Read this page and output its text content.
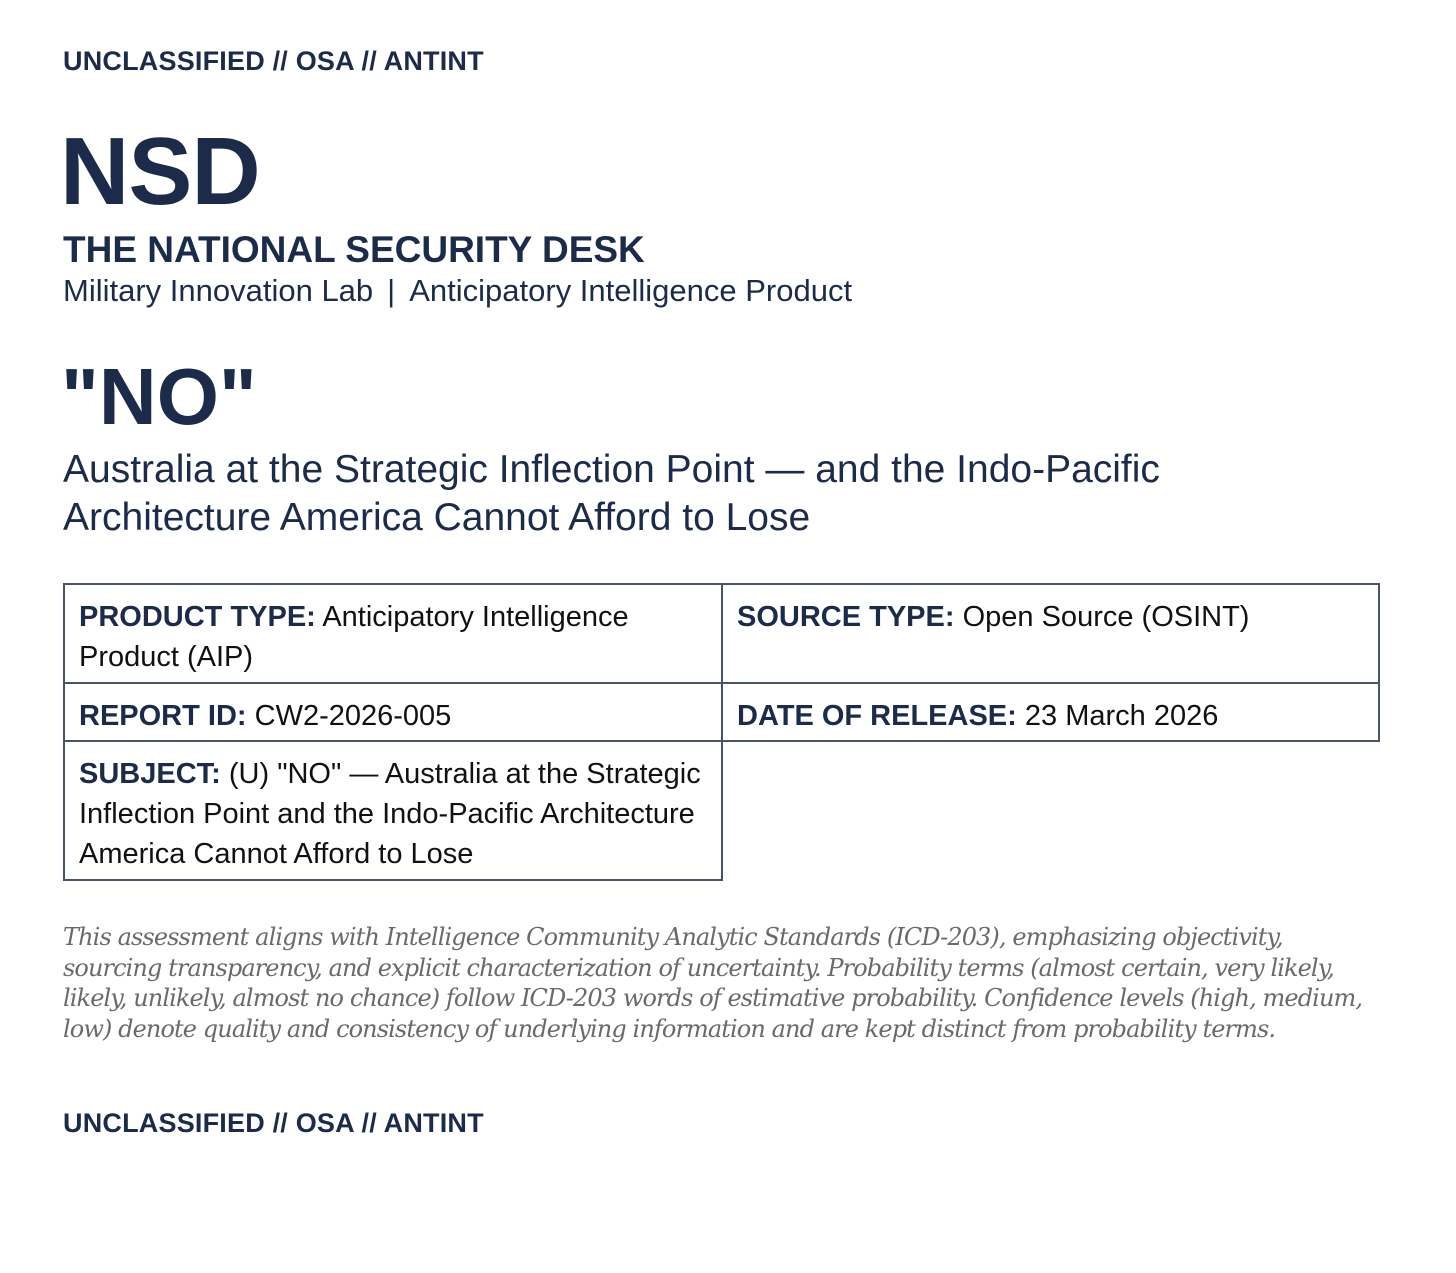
UNCLASSIFIED // OSA // ANTINT
NSD
THE NATIONAL SECURITY DESK
Military Innovation Lab | Anticipatory Intelligence Product
"NO"
Australia at the Strategic Inflection Point — and the Indo-Pacific Architecture America Cannot Afford to Lose
PRODUCT TYPE: Anticipatory Intelligence Product (AIP)
SOURCE TYPE: Open Source (OSINT)
REPORT ID: CW2-2026-005	DATE OF RELEASE: 23 March 2026
SUBJECT: (U) "NO" — Australia at the Strategic Inflection Point and the Indo-Pacific Architecture America Cannot Afford to Lose
This assessment aligns with Intelligence Community Analytic Standards (ICD-203), emphasizing objectivity, sourcing transparency, and explicit characterization of uncertainty. Probability terms (almost certain, very likely, likely, unlikely, almost no chance) follow ICD-203 words of estimative probability. Confidence levels (high, medium, low) denote quality and consistency of underlying information and are kept distinct from probability terms.
UNCLASSIFIED // OSA // ANTINT
